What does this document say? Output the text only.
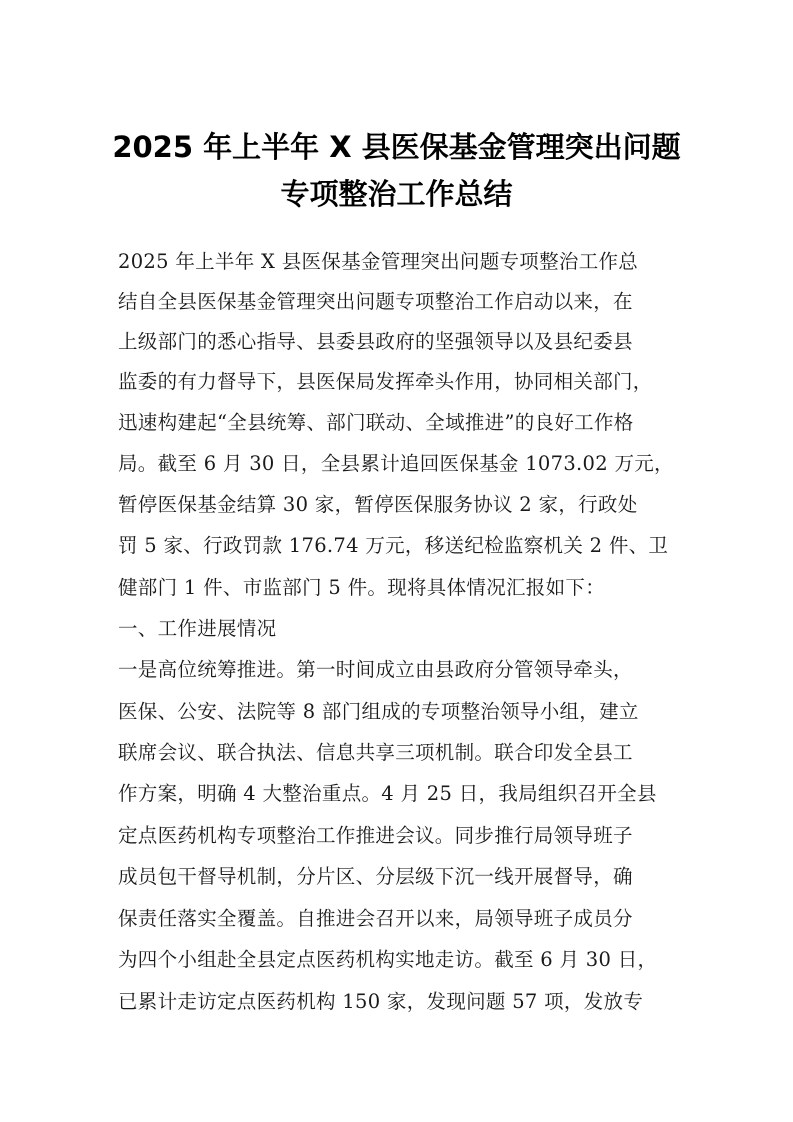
2025 年上半年 X 县医保基金管理突出问题
专项整治工作总结
2025 年上半年 X 县医保基金管理突出问题专项整治工作总
结自全县医保基金管理突出问题专项整治工作启动以来，在
上级部门的悉心指导、县委县政府的坚强领导以及县纪委县
监委的有力督导下，县医保局发挥牵头作用，协同相关部门，
迅速构建起“全县统筹、部门联动、全域推进”的良好工作格
局。截至 6 月 30 日，全县累计追回医保基金 1073.02 万元，
暂停医保基金结算 30 家，暂停医保服务协议 2 家，行政处
罚 5 家、行政罚款 176.74 万元，移送纪检监察机关 2 件、卫
健部门 1 件、市监部门 5 件。现将具体情况汇报如下：
一、工作进展情况
一是高位统筹推进。第一时间成立由县政府分管领导牵头，
医保、公安、法院等 8 部门组成的专项整治领导小组，建立
联席会议、联合执法、信息共享三项机制。联合印发全县工
作方案，明确 4 大整治重点。4 月 25 日，我局组织召开全县
定点医药机构专项整治工作推进会议。同步推行局领导班子
成员包干督导机制，分片区、分层级下沉一线开展督导，确
保责任落实全覆盖。自推进会召开以来，局领导班子成员分
为四个小组赴全县定点医药机构实地走访。截至 6 月 30 日，
已累计走访定点医药机构 150 家，发现问题 57 项，发放专
